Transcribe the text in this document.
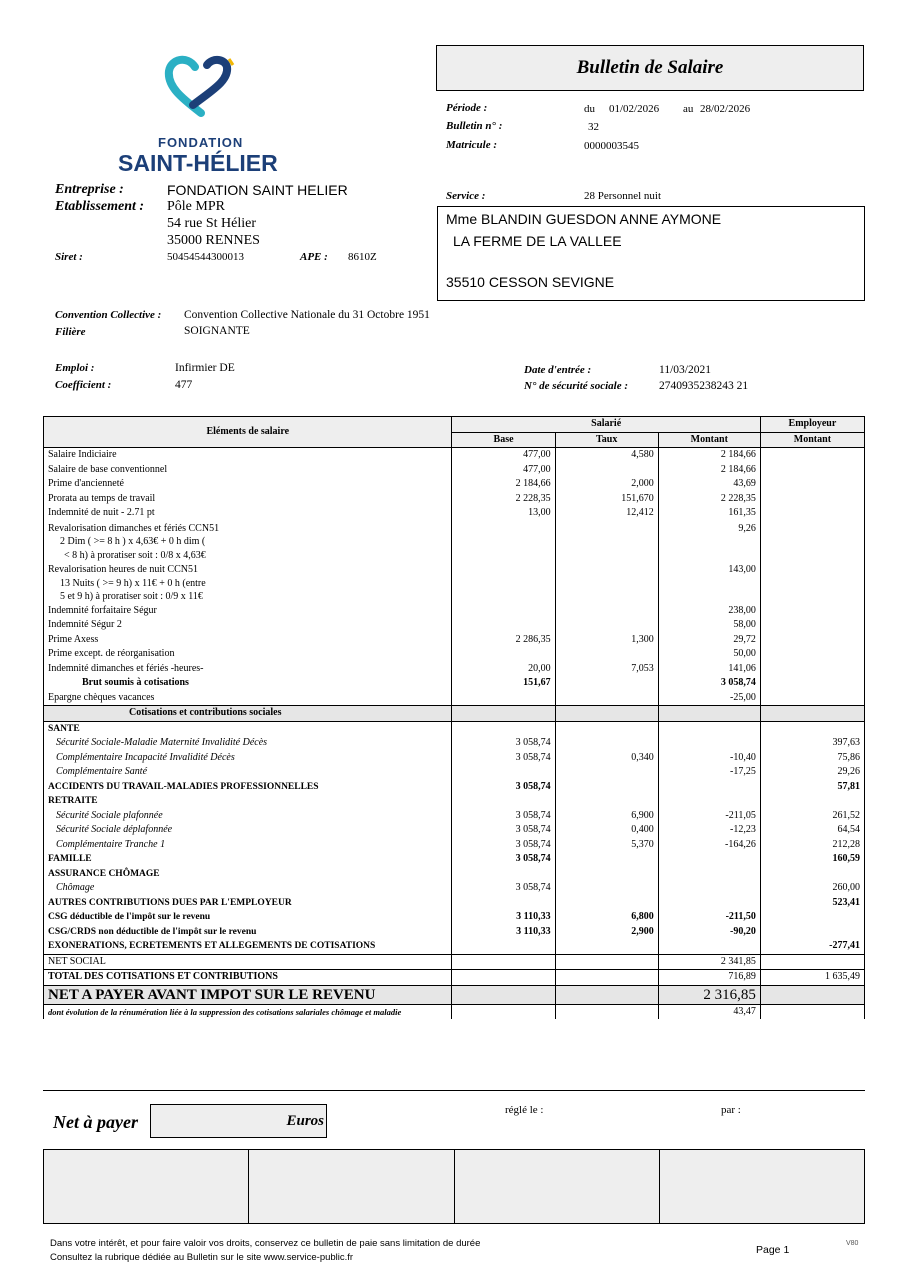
FONDATION
SAINT-HÉLIER
Bulletin de Salaire
Période :	du 01/02/2026 au 28/02/2026
Bulletin n° :	32
Matricule :	0000003545
Service :	28 Personnel nuit
Entreprise :	FONDATION SAINT HELIER
Etablissement : Pôle MPR
54 rue St Hélier
35000 RENNES
Siret :	50454544300013	APE : 8610Z
Mme BLANDIN GUESDON ANNE AYMONE
LA FERME DE LA VALLEE
35510 CESSON SEVIGNE
Convention Collective : Convention Collective Nationale du 31 Octobre 1951
Filière	SOIGNANTE
Emploi :	Infirmier DE
Coefficient :	477
Date d'entrée :	11/03/2021
N° de sécurité sociale :	2740935238243 21
Eléments de salaire	Salarié			Employeur
	Base	Taux	Montant	Montant
Salaire Indiciaire	477,00	4,580	2 184,66	
Salaire de base conventionnel	477,00		2 184,66	
Prime d'ancienneté	2 184,66	2,000	43,69	
Prorata au temps de travail	2 228,35	151,670	2 228,35	
Indemnité de nuit - 2.71 pt	13,00	12,412	161,35	

Revalorisation dimanches et fériés CCN51
2 Dim ( >= 8 h ) x 4,63€ + 0 h dim (
< 8 h) à proratiser soit : 0/8 x 4,63€			9,26	

Revalorisation heures de nuit CCN51
13 Nuits ( >= 9 h) x 11€ + 0 h (entre
5 et 9 h) à proratiser soit : 0/9 x 11€			143,00	
Indemnité forfaitaire Ségur			238,00	
Indemnité Ségur 2			58,00	
Prime Axess	2 286,35	1,300	29,72	
Prime except. de réorganisation			50,00	
Indemnité dimanches et fériés -heures-	20,00	7,053	141,06	
Brut soumis à cotisations	151,67		3 058,74	
Epargne chèques vacances			-25,00	
Cotisations et contributions sociales				
SANTE				
Sécurité Sociale-Maladie Maternité Invalidité Décès	3 058,74			397,63
Complémentaire Incapacité Invalidité Décès	3 058,74	0,340	-10,40	75,86
Complémentaire Santé			-17,25	29,26
ACCIDENTS DU TRAVAIL-MALADIES PROFESSIONNELLES	3 058,74			57,81
RETRAITE				
Sécurité Sociale plafonnée	3 058,74	6,900	-211,05	261,52
Sécurité Sociale déplafonnée	3 058,74	0,400	-12,23	64,54
Complémentaire Tranche 1	3 058,74	5,370	-164,26	212,28
FAMILLE	3 058,74			160,59
ASSURANCE CHÔMAGE				
Chômage	3 058,74			260,00
AUTRES CONTRIBUTIONS DUES PAR L'EMPLOYEUR				523,41
CSG déductible de l'impôt sur le revenu	3 110,33	6,800	-211,50	
CSG/CRDS non déductible de l'impôt sur le revenu	3 110,33	2,900	-90,20	
EXONERATIONS, ECRETEMENTS ET ALLEGEMENTS DE COTISATIONS				-277,41
NET SOCIAL			2 341,85	
TOTAL DES COTISATIONS ET CONTRIBUTIONS			716,89	1 635,49
NET A PAYER AVANT IMPOT SUR LE REVENU			2 316,85	
dont évolution de la rénumération liée à la suppression des cotisations salariales chômage et maladie			43,47	
Net à payer	Euros
réglé le :	par :
Dans votre intérêt, et pour faire valoir vos droits, conservez ce bulletin de paie sans limitation de durée
Consultez la rubrique dédiée au Bulletin sur le site www.service-public.fr
Page 1
V80
